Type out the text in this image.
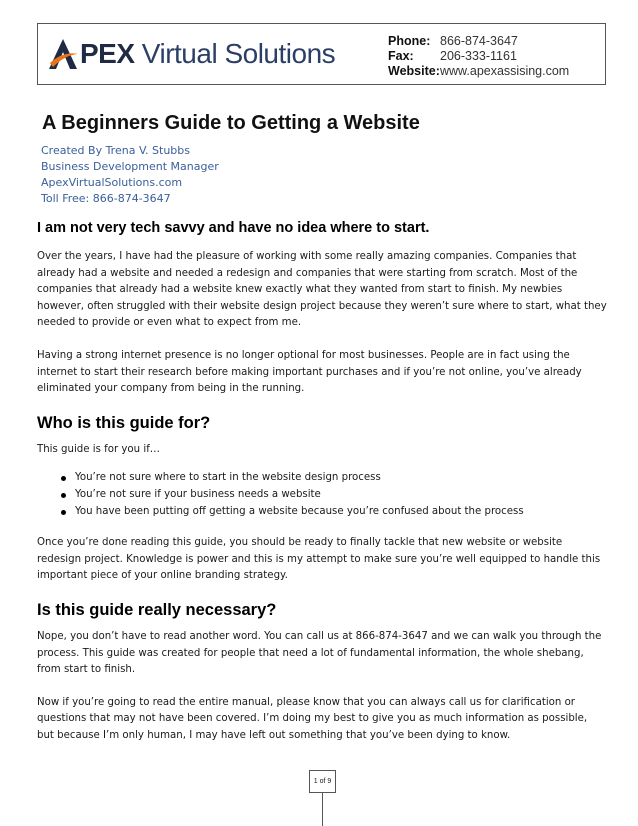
PEX Virtual Solutions	Phone: 866-874-3647
Fax:	206-333-1161
Website: www.apexassising.com
A Beginners Guide to Getting a Website
Created By Trena V. Stubbs
Business Development Manager
ApexVirtualSolutions.com
Toll Free: 866-874-3647
I am not very tech savvy and have no idea where to start.

Over the years, I have had the pleasure of working with some really amazing companies. Companies that already had a website and needed a redesign and companies that were starting from scratch. Most of the companies that already had a website knew exactly what they wanted from start to finish. My newbies however, often struggled with their website design project because they weren’t sure where to start, what they needed to provide or even what to expect from me.

Having a strong internet presence is no longer optional for most businesses. People are in fact using the internet to start their research before making important purchases and if you’re not online, you’ve already eliminated your company from being in the running.

Who is this guide for?

This guide is for you if…

You’re not sure where to start in the website design process
You’re not sure if your business needs a website
You have been putting off getting a website because you’re confused about the process

Once you’re done reading this guide, you should be ready to finally tackle that new website or website redesign project. Knowledge is power and this is my attempt to make sure you’re well equipped to handle this important piece of your online branding strategy.

Is this guide really necessary?

Nope, you don’t have to read another word. You can call us at 866-874-3647 and we can walk you through the process. This guide was created for people that need a lot of fundamental information, the whole shebang, from start to finish.

Now if you’re going to read the entire manual, please know that you can always call us for clarification or questions that may not have been covered. I’m doing my best to give you as much information as possible, but because I’m only human, I may have left out something that you’ve been dying to know.

1 of 9
